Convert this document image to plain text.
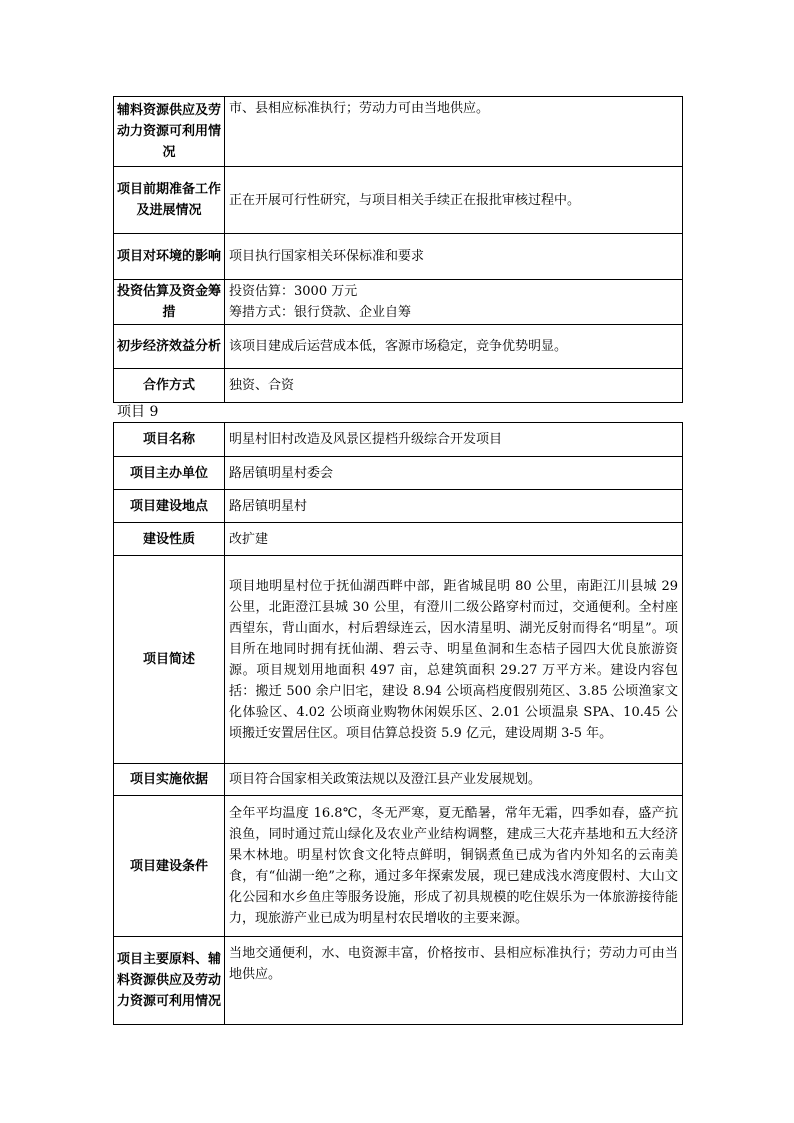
辅料资源供应及劳动力资源可利用情况	市、县相应标准执行；劳动力可由当地供应。
项目前期准备工作及进展情况	正在开展可行性研究，与项目相关手续正在报批审核过程中。
项目对环境的影响	项目执行国家相关环保标准和要求
投资估算及资金筹措	投资估算：3000 万元
筹措方式：银行贷款、企业自筹

初步经济效益分析	该项目建成后运营成本低，客源市场稳定，竞争优势明显。
合作方式	独资、合资
项目 9
项目名称	明星村旧村改造及风景区提档升级综合开发项目
项目主办单位	路居镇明星村委会
项目建设地点	路居镇明星村
建设性质	改扩建
项目简述	项目地明星村位于抚仙湖西畔中部，距省城昆明 80 公里，南距江川县城 29 公里，北距澄江县城 30 公里，有澄川二级公路穿村而过，交通便利。全村座西望东，背山面水，村后碧绿连云，因水清星明、湖光反射而得名“明星”。项目所在地同时拥有抚仙湖、碧云寺、明星鱼洞和生态桔子园四大优良旅游资源。项目规划用地面积 497 亩，总建筑面积 29.27 万平方米。建设内容包括：搬迁 500 余户旧宅，建设 8.94 公顷高档度假别苑区、3.85 公顷渔家文化体验区、4.02 公顷商业购物休闲娱乐区、2.01 公顷温泉 SPA、10.45 公顷搬迁安置居住区。项目估算总投资 5.9 亿元，建设周期 3-5 年。
项目实施依据	项目符合国家相关政策法规以及澄江县产业发展规划。
项目建设条件	全年平均温度 16.8℃，冬无严寒，夏无酷暑，常年无霜，四季如春，盛产抗浪鱼，同时通过荒山绿化及农业产业结构调整，建成三大花卉基地和五大经济果木林地。明星村饮食文化特点鲜明，铜锅煮鱼已成为省内外知名的云南美食，有“仙湖一绝”之称，通过多年探索发展，现已建成浅水湾度假村、大山文化公园和水乡鱼庄等服务设施，形成了初具规模的吃住娱乐为一体旅游接待能力，现旅游产业已成为明星村农民增收的主要来源。
项目主要原料、辅料资源供应及劳动力资源可利用情况	当地交通便利，水、电资源丰富，价格按市、县相应标准执行；劳动力可由当地供应。
